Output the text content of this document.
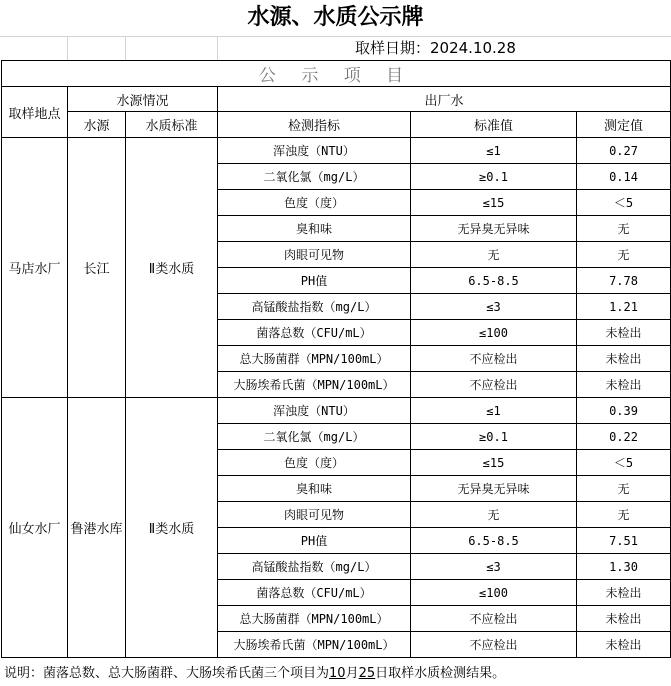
水源、水质公示牌
取样日期：2024.10.28
公 示 项 目					
取样地点	水源情况		出厂水		
	水源	水质标准	检测指标	标准值	测定值
马店水厂	长江	Ⅱ类水质	浑浊度（NTU）	≤1	0.27
			二氧化氯（mg/L）	≥0.1	0.14
			色度（度）	≤15	＜5
			臭和味	无异臭无异味	无
			肉眼可见物	无	无
			PH值	6.5-8.5	7.78
			高锰酸盐指数（mg/L）	≤3	1.21
			菌落总数（CFU/mL）	≤100	未检出
			总大肠菌群（MPN/100mL）	不应检出	未检出
			大肠埃希氏菌（MPN/100mL）	不应检出	未检出
仙女水厂	鲁港水库	Ⅱ类水质	浑浊度（NTU）	≤1	0.39
			二氧化氯（mg/L）	≥0.1	0.22
			色度（度）	≤15	＜5
			臭和味	无异臭无异味	无
			肉眼可见物	无	无
			PH值	6.5-8.5	7.51
			高锰酸盐指数（mg/L）	≤3	1.30
			菌落总数（CFU/mL）	≤100	未检出
			总大肠菌群（MPN/100mL）	不应检出	未检出
			大肠埃希氏菌（MPN/100mL）	不应检出	未检出
说明：菌落总数、总大肠菌群、大肠埃希氏菌三个项目为10月25日取样水质检测结果。
